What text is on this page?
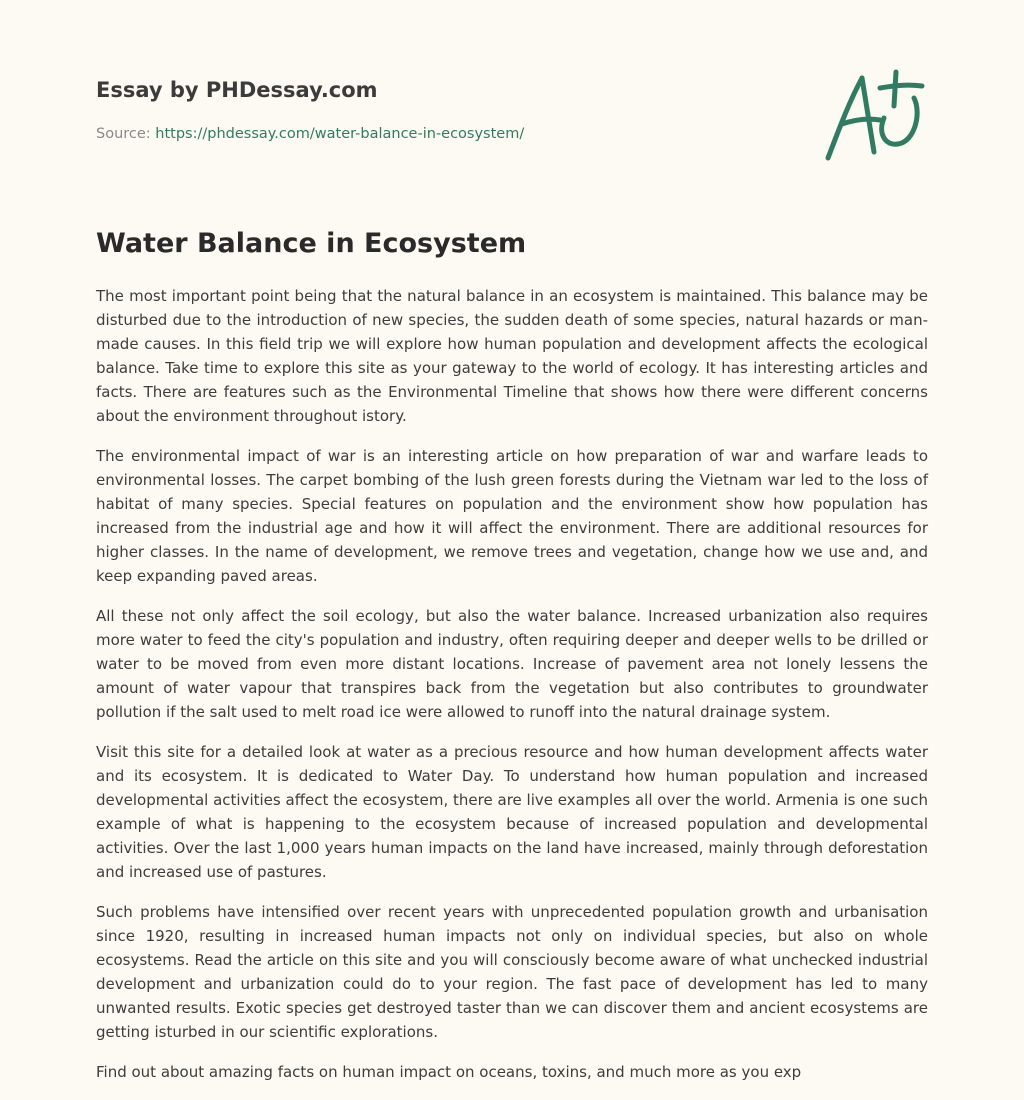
Essay by PHDessay.com
Source: https://phdessay.com/water-balance-in-ecosystem/
Water Balance in Ecosystem

The most important point being that the natural balance in an ecosystem is maintained. This balance may be disturbed due to the introduction of new species, the sudden death of some species, natural hazards or man-made causes. In this field trip we will explore how human population and development affects the ecological balance. Take time to explore this site as your gateway to the world of ecology. It has interesting articles and facts. There are features such as the Environmental Timeline that shows how there were different concerns about the environment throughout istory.

The environmental impact of war is an interesting article on how preparation of war and warfare leads to environmental losses. The carpet bombing of the lush green forests during the Vietnam war led to the loss of habitat of many species. Special features on population and the environment show how population has increased from the industrial age and how it will affect the environment. There are additional resources for higher classes. In the name of development, we remove trees and vegetation, change how we use and, and keep expanding paved areas.

All these not only affect the soil ecology, but also the water balance. Increased urbanization also requires more water to feed the city's population and industry, often requiring deeper and deeper wells to be drilled or water to be moved from even more distant locations. Increase of pavement area not lonely lessens the amount of water vapour that transpires back from the vegetation but also contributes to groundwater pollution if the salt used to melt road ice were allowed to runoff into the natural drainage system.

Visit this site for a detailed look at water as a precious resource and how human development affects water and its ecosystem. It is dedicated to Water Day. To understand how human population and increased developmental activities affect the ecosystem, there are live examples all over the world. Armenia is one such example of what is happening to the ecosystem because of increased population and developmental activities. Over the last 1,000 years human impacts on the land have increased, mainly through deforestation and increased use of pastures.

Such problems have intensified over recent years with unprecedented population growth and urbanisation since 1920, resulting in increased human impacts not only on individual species, but also on whole ecosystems. Read the article on this site and you will consciously become aware of what unchecked industrial development and urbanization could do to your region. The fast pace of development has led to many unwanted results. Exotic species get destroyed taster than we can discover them and ancient ecosystems are getting isturbed in our scientific explorations.

Find out about amazing facts on human impact on oceans, toxins, and much more as you exp
